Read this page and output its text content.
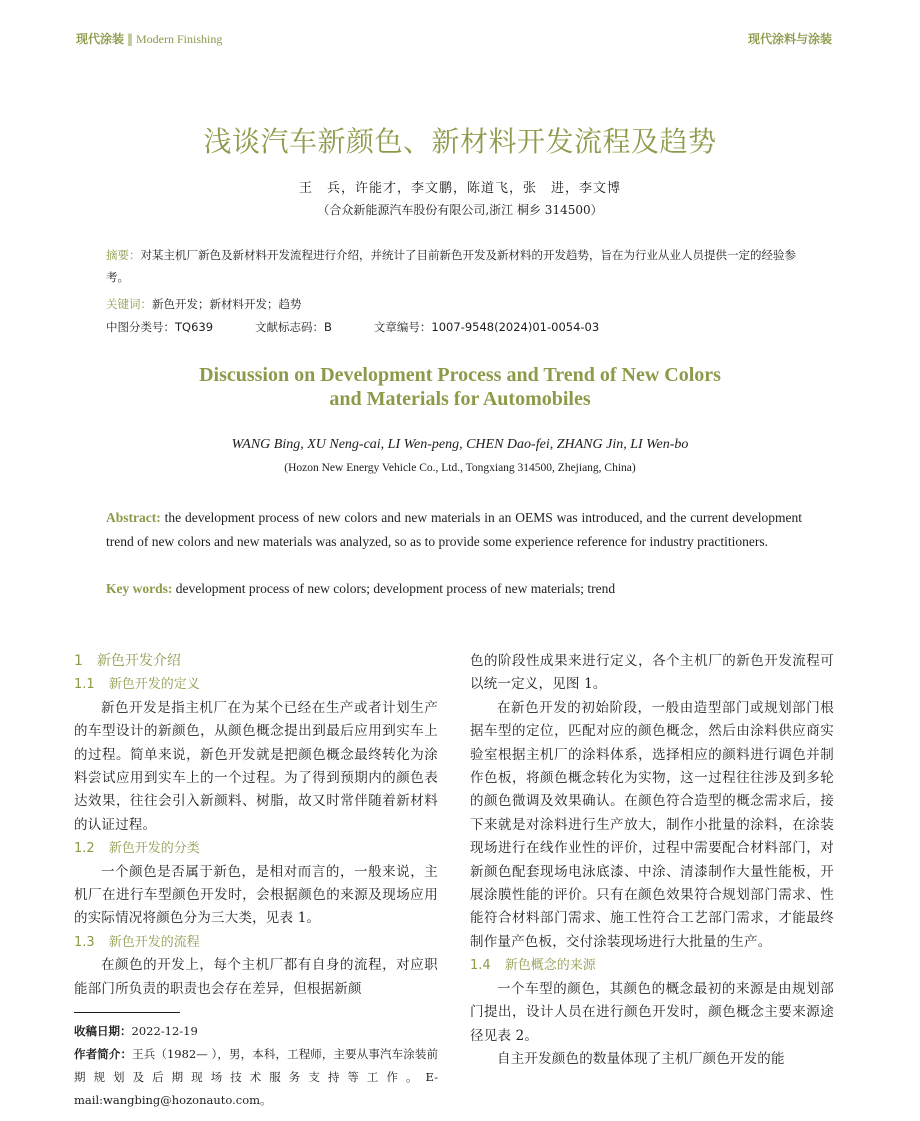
现代涂装 ‖ Modern Finishing	现代涂料与涂装
浅谈汽车新颜色、新材料开发流程及趋势
王　兵，许能才，李文鹏，陈道飞，张　进，李文博
（合众新能源汽车股份有限公司,浙江 桐乡 314500）
摘要：对某主机厂新色及新材料开发流程进行介绍，并统计了目前新色开发及新材料的开发趋势，旨在为行业从业人员提供一定的经验参考。
关键词：新色开发；新材料开发；趋势
中图分类号：TQ639	文献标志码：B	文章编号：1007-9548(2024)01-0054-03
Discussion on Development Process and Trend of New Colors
and Materials for Automobiles
WANG Bing, XU Neng-cai, LI Wen-peng, CHEN Dao-fei, ZHANG Jin, LI Wen-bo
(Hozon New Energy Vehicle Co., Ltd., Tongxiang 314500, Zhejiang, China)
Abstract: the development process of new colors and new materials in an OEMS was introduced, and the current development trend of new colors and new materials was analyzed, so as to provide some experience reference for industry practitioners.
Key words: development process of new colors; development process of new materials; trend
1 新色开发介绍
1.1 新色开发的定义

新色开发是指主机厂在为某个已经在生产或者计划生产的车型设计的新颜色，从颜色概念提出到最后应用到实车上的过程。简单来说，新色开发就是把颜色概念最终转化为涂料尝试应用到实车上的一个过程。为了得到预期内的颜色表达效果，往往会引入新颜料、树脂，故又时常伴随着新材料的认证过程。

1.2 新色开发的分类

一个颜色是否属于新色，是相对而言的，一般来说，主机厂在进行车型颜色开发时，会根据颜色的来源及现场应用的实际情况将颜色分为三大类，见表 1。

1.3 新色开发的流程

在颜色的开发上，每个主机厂都有自身的流程，对应职能部门所负责的职责也会存在差异，但根据新颜

收稿日期：2022-12-19
作者简介：王兵（1982— ），男，本科，工程师，主要从事汽车涂装前期规划及后期现场技术服务支持等工作。E-mail:wangbing@hozonauto.com。

色的阶段性成果来进行定义，各个主机厂的新色开发流程可以统一定义，见图 1。

在新色开发的初始阶段，一般由造型部门或规划部门根据车型的定位，匹配对应的颜色概念，然后由涂料供应商实验室根据主机厂的涂料体系，选择相应的颜料进行调色并制作色板，将颜色概念转化为实物，这一过程往往涉及到多轮的颜色微调及效果确认。在颜色符合造型的概念需求后，接下来就是对涂料进行生产放大，制作小批量的涂料，在涂装现场进行在线作业性的评价，过程中需要配合材料部门，对新颜色配套现场电泳底漆、中涂、清漆制作大量性能板，开展涂膜性能的评价。只有在颜色效果符合规划部门需求、性能符合材料部门需求、施工性符合工艺部门需求，才能最终制作量产色板，交付涂装现场进行大批量的生产。

1.4 新色概念的来源

一个车型的颜色，其颜色的概念最初的来源是由规划部门提出，设计人员在进行颜色开发时，颜色概念主要来源途径见表 2。

自主开发颜色的数量体现了主机厂颜色开发的能
